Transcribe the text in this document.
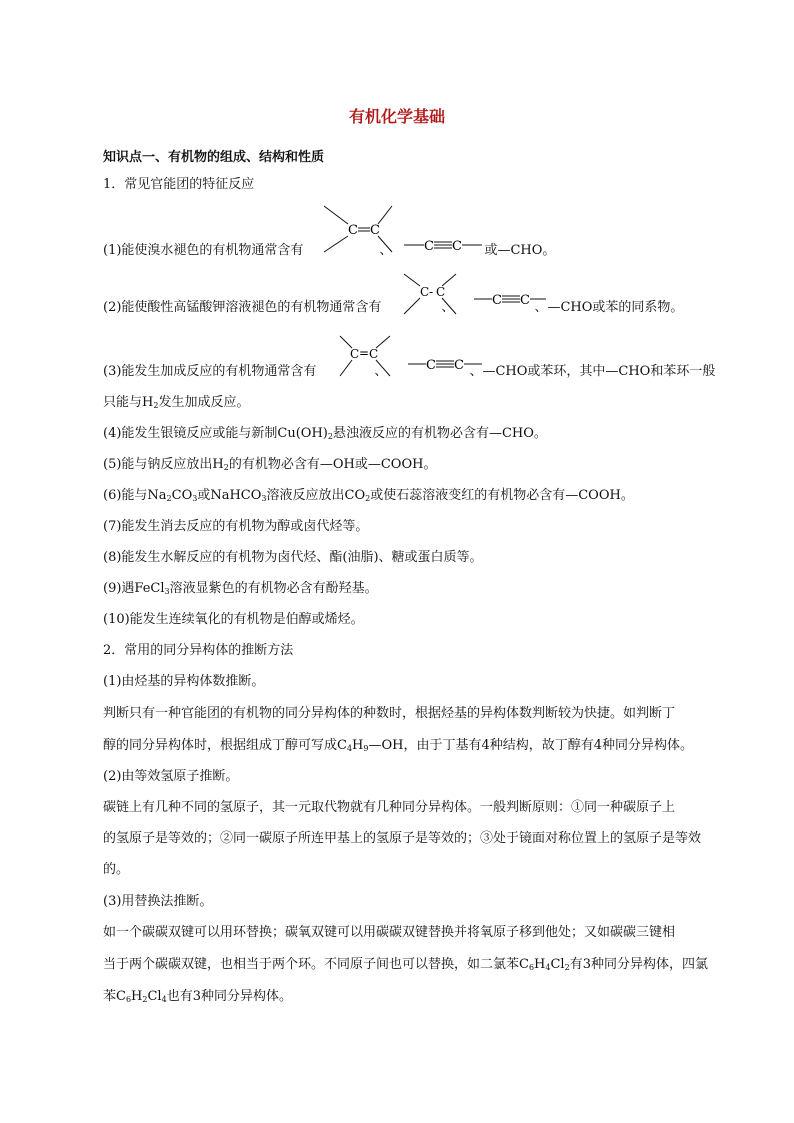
有机化学基础
知识点一、有机物的组成、结构和性质
1．常见官能团的特征反应
(1)能使溴水褪色的有机物通常含有	、	或—CHO。
C C
C C
(2)能使酸性高锰酸钾溶液褪色的有机物通常含有	、	、—CHO或苯的同系物。
C - C
C C
(3)能发生加成反应的有机物通常含有	、	、—CHO或苯环，其中—CHO和苯环一般
C = C
C C
只能与$H_2$发生加成反应。
(4)能发生银镜反应或能与新制$Cu(OH)_2$悬浊液反应的有机物必含有—CHO。
(5)能与钠反应放出$H_2$的有机物必含有—OH或—COOH。
(6)能与$Na_2CO_3$或NaHCO$_3$溶液反应放出$CO_2$或使石蕊溶液变红的有机物必含有—COOH。
(7)能发生消去反应的有机物为醇或卤代烃等。
(8)能发生水解反应的有机物为卤代烃、酯(油脂)、糖或蛋白质等。
(9)遇FeCl$_3$溶液显紫色的有机物必含有酚羟基。
(10)能发生连续氧化的有机物是伯醇或烯烃。
2．常用的同分异构体的推断方法
(1)由烃基的异构体数推断。
判断只有一种官能团的有机物的同分异构体的种数时，根据烃基的异构体数判断较为快捷。如判断丁
醇的同分异构体时，根据组成丁醇可写成$C_4H_9—OH$，由于丁基有4种结构，故丁醇有4种同分异构体。
(2)由等效氢原子推断。
碳链上有几种不同的氢原子，其一元取代物就有几种同分异构体。一般判断原则：①同一种碳原子上
的氢原子是等效的；②同一碳原子所连甲基上的氢原子是等效的；③处于镜面对称位置上的氢原子是等效
的。
(3)用替换法推断。
如一个碳碳双键可以用环替换；碳氧双键可以用碳碳双键替换并将氧原子移到他处；又如碳碳三键相
当于两个碳碳双键，也相当于两个环。不同原子间也可以替换，如二氯苯$C_6H_4Cl_2$有3种同分异构体，四氯
苯$C_6H_2Cl_4$也有3种同分异构体。
